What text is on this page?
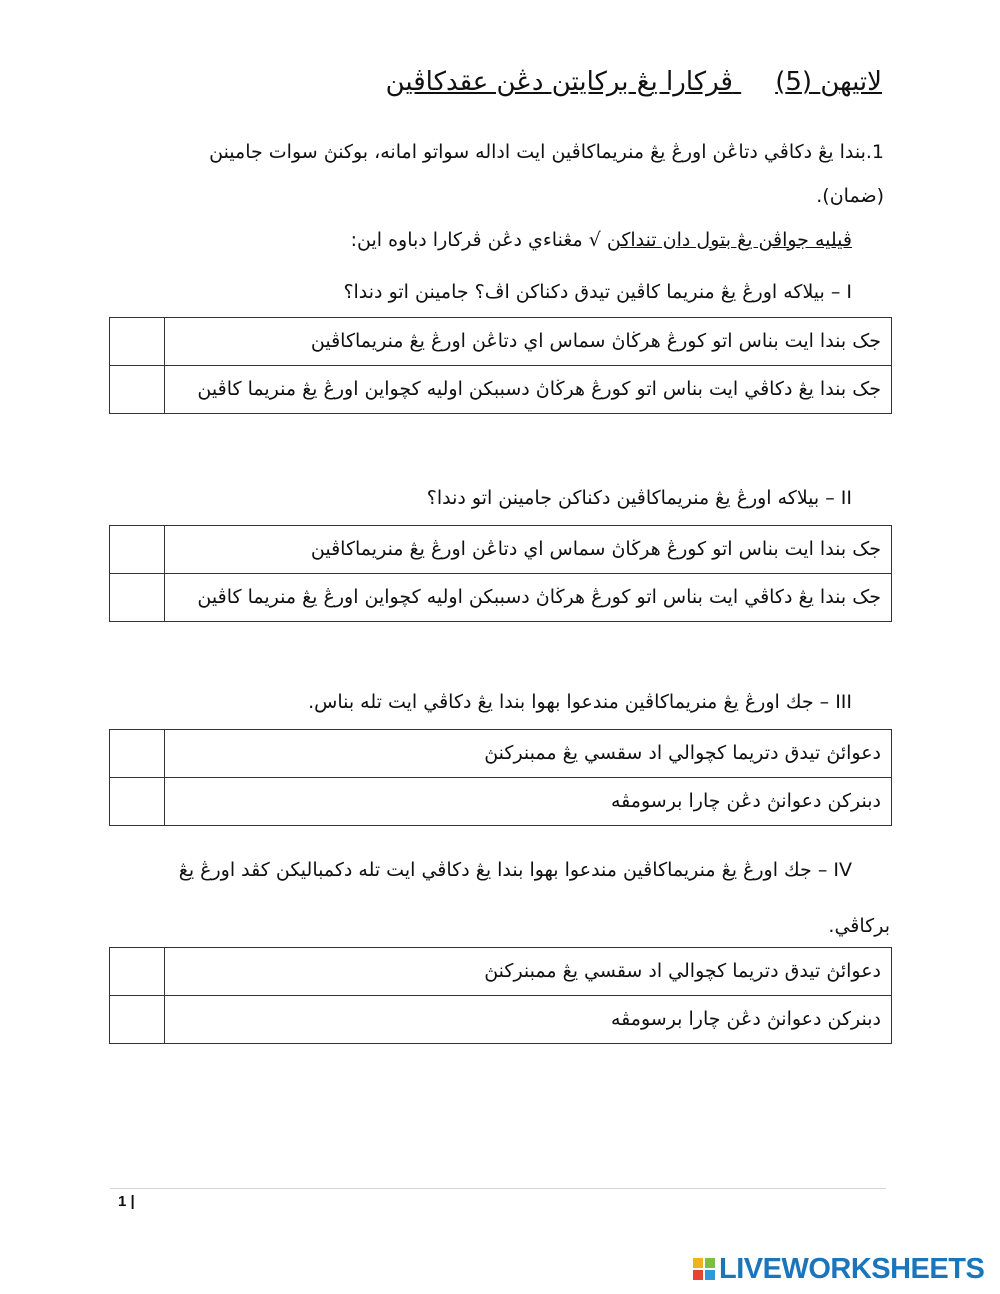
لاتيهن (5) ڤركارا يڠ بركايتن دڠن عقدکاڤين
1.بندا يڠ دکاڤي دتاڠن اورڠ يڠ منريماکاڤين ايت اداله سواتو امانه، بوکنڽ سوات جامينن (ضمان).
ڤيليه جواڤن يڠ بتول دان تنداکن √ مڠناءي دڠن ڤركارا دباوه اين:
I – بيلاکه اورڠ يڠ منريما کاڤين تيدق دکناکن اڤ؟ جامينن اتو دندا؟
جک بندا ايت بناس اتو کورڠ هرڬاڽ سماس اي دتاڠن اورڠ يڠ منريماکاڤين	

جک بندا يڠ دکاڤي ايت بناس اتو کورڠ هرڬاڽ دسببکن اوليه کچواين اورڠ يڠ منريما کاڤين	
II – بيلاکه اورڠ يڠ منريماکاڤين دکناکن جامينن اتو دندا؟
جک بندا ايت بناس اتو کورڠ هرڬاڽ سماس اي دتاڠن اورڠ يڠ منريماکاڤين	

جک بندا يڠ دکاڤي ايت بناس اتو کورڠ هرڬاڽ دسببکن اوليه کچواين اورڠ يڠ منريما کاڤين	
III – جك اورڠ يڠ منريماکاڤين مندعوا بهوا بندا يڠ دکاڤي ايت تله بناس.
دعوائڽ تيدق دتريما کچوالي اد سقسي يڠ ممبنرکنڽ	

دبنرکن دعوانڽ دڠن چارا برسومڤه	
IV – جك اورڠ يڠ منريماکاڤين مندعوا بهوا بندا يڠ دکاڤي ايت تله دکمباليکن کڤد اورڠ يڠ برکاڤي.
دعوائڽ تيدق دتريما کچوالي اد سقسي يڠ ممبنرکنڽ	

دبنرکن دعوانڽ دڠن چارا برسومڤه	
1 |
LIVEWORKSHEETS
